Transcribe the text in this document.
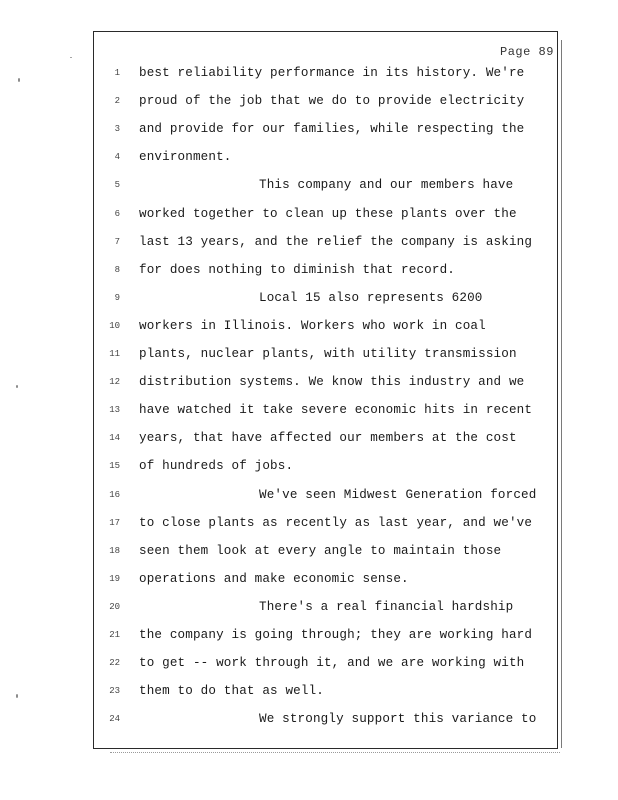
Page 89
1 best reliability performance in its history. We're
2 proud of the job that we do to provide electricity
3 and provide for our families, while respecting the
4 environment.
5	This company and our members have
6 worked together to clean up these plants over the
7 last 13 years, and the relief the company is asking
8 for does nothing to diminish that record.
9	Local 15 also represents 6200
10 workers in Illinois. Workers who work in coal
11 plants, nuclear plants, with utility transmission
12 distribution systems. We know this industry and we
13 have watched it take severe economic hits in recent
14 years, that have affected our members at the cost
15 of hundreds of jobs.
16	We've seen Midwest Generation forced
17 to close plants as recently as last year, and we've
18 seen them look at every angle to maintain those
19 operations and make economic sense.
20	There's a real financial hardship
21 the company is going through; they are working hard
22 to get -- work through it, and we are working with
23 them to do that as well.
24	We strongly support this variance to
